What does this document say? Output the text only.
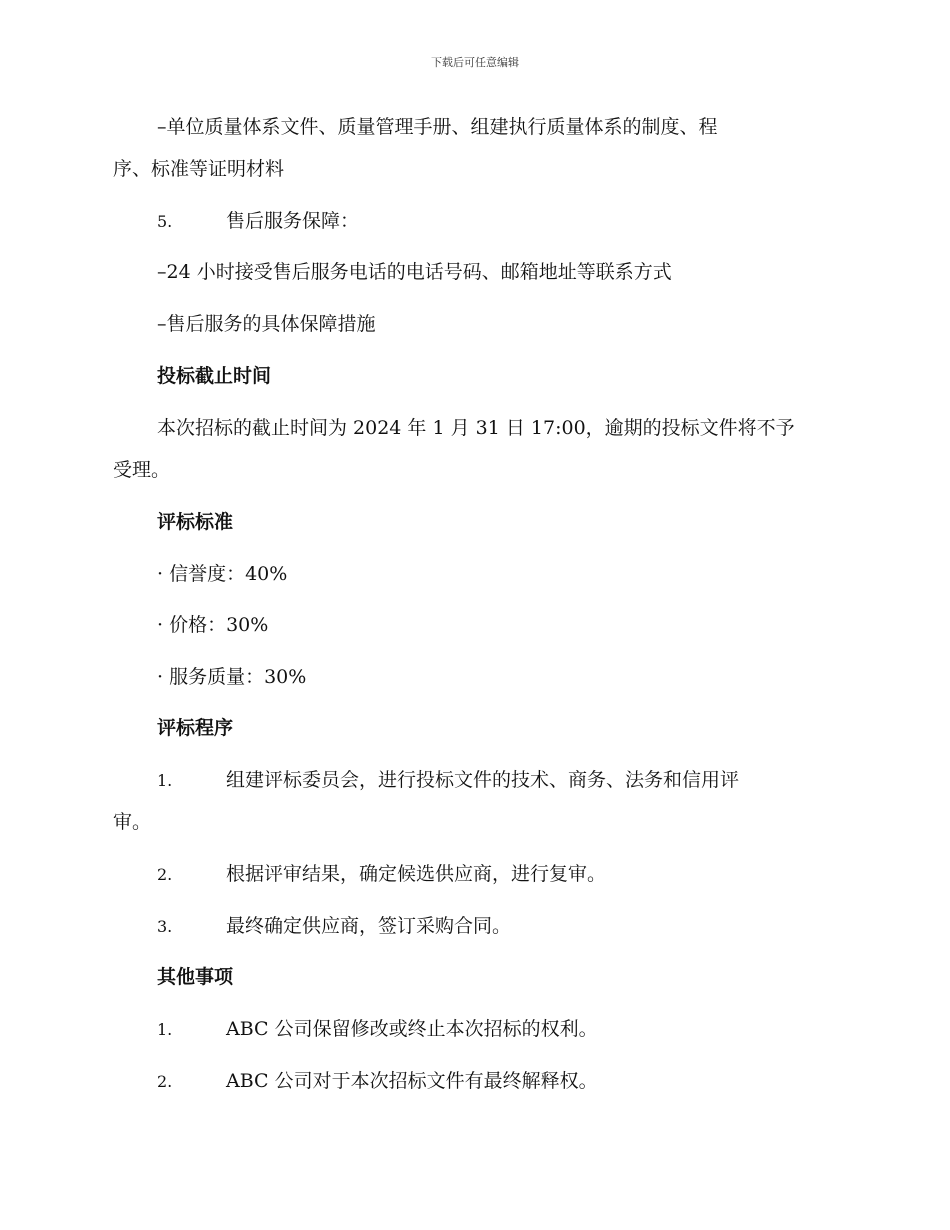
下载后可任意编辑
–单位质量体系文件、质量管理手册、组建执行质量体系的制度、程
序、标准等证明材料
5.	售后服务保障：
–24 小时接受售后服务电话的电话号码、邮箱地址等联系方式
–售后服务的具体保障措施
投标截止时间
本次招标的截止时间为 2024 年 1 月 31 日 17:00，逾期的投标文件将不予
受理。
评标标准
· 信誉度：40%
· 价格：30%
· 服务质量：30%
评标程序
1.	组建评标委员会，进行投标文件的技术、商务、法务和信用评
审。
2.	根据评审结果，确定候选供应商，进行复审。
3.	最终确定供应商，签订采购合同。
其他事项
1.	ABC 公司保留修改或终止本次招标的权利。
2.	ABC 公司对于本次招标文件有最终解释权。
